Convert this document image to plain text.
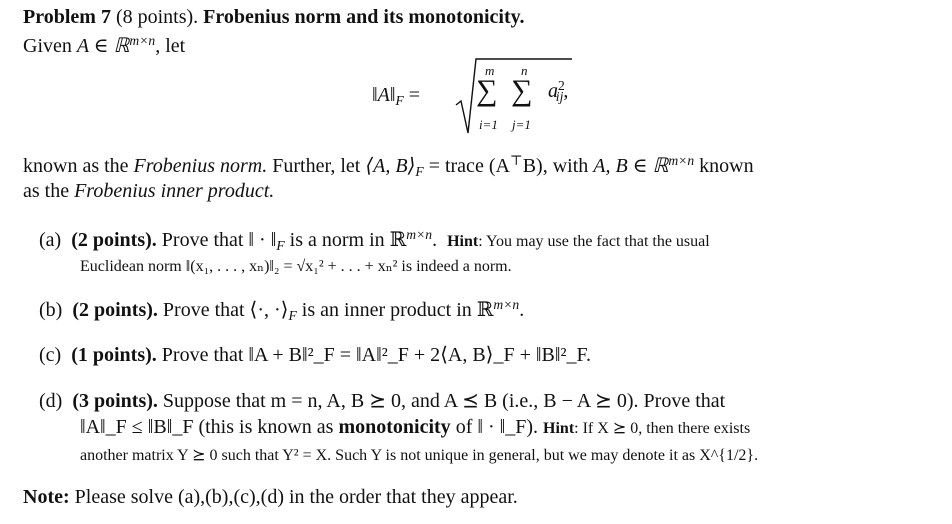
Problem 7 (8 points). Frobenius norm and its monotonicity.
Given A ∈ ℝ$^{m\times n}$, let
‖A‖F = ∑
m
i=1
∑
n
j=1
$a^2ij$,
known as the Frobenius norm. Further, let ⟨A, B⟩F = trace (A⊤B), with A, B ∈ ℝ$^{m\times n}$ known
as the Frobenius inner product.
(a) (2 points). Prove that ‖ · ‖F is a norm in ℝ$^{m\times n}$. Hint: You may use the fact that the usual
Euclidean norm ‖(x₁, . . . , xₙ)‖₂ = √x₁² + . . . + xₙ² is indeed a norm.
(b) (2 points). Prove that ⟨·, ·⟩F is an inner product in ℝ$^{m\times n}$.
(c) (1 points). Prove that ‖A + B‖²_F = ‖A‖²_F + 2⟨A, B⟩_F + ‖B‖²_F.
(d) (3 points). Suppose that m = n, A, B ⪰ 0, and A ⪯ B (i.e., B − A ⪰ 0). Prove that
‖A‖_F ≤ ‖B‖_F (this is known as monotonicity of ‖ · ‖_F). Hint: If X ⪰ 0, then there exists
another matrix Y ⪰ 0 such that Y² = X. Such Y is not unique in general, but we may denote it as X^{1/2}.
Note: Please solve (a),(b),(c),(d) in the order that they appear.
